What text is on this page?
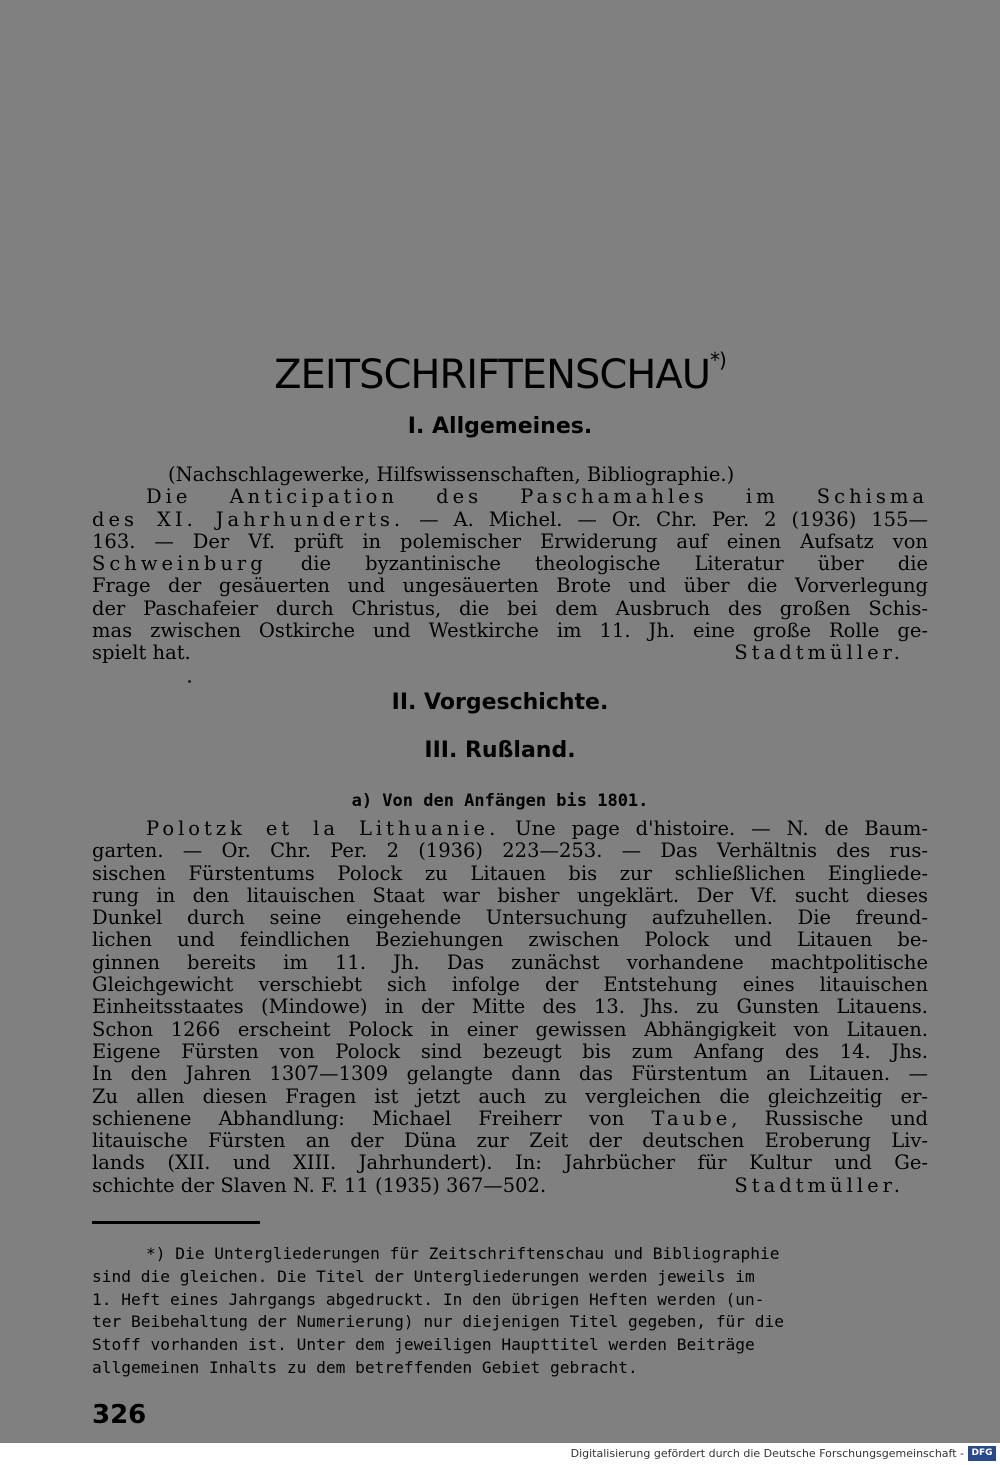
ZEITSCHRIFTENSCHAU*)
I. Allgemeines.
(Nachschlagewerke, Hilfswissenschaften, Bibliographie.)
Die Anticipation des Paschamahles im Schisma
des XI. Jahrhunderts. — A. Michel. — Or. Chr. Per. 2 (1936) 155—
163. — Der Vf. prüft in polemischer Erwiderung auf einen Aufsatz von
Schweinburg die byzantinische theologische Literatur über die
Frage der gesäuerten und ungesäuerten Brote und über die Vorverlegung
der Paschafeier durch Christus, die bei dem Ausbruch des großen Schis-
mas zwischen Ostkirche und Westkirche im 11. Jh. eine große Rolle ge-
spielt hat.	Stadtmüller.
II. Vorgeschichte.
III. Rußland.
a) Von den Anfängen bis 1801.
Polotzk et la Lithuanie. Une page d'histoire. — N. de Baum-
garten. — Or. Chr. Per. 2 (1936) 223—253. — Das Verhältnis des rus-
sischen Fürstentums Polock zu Litauen bis zur schließlichen Eingliede-
rung in den litauischen Staat war bisher ungeklärt. Der Vf. sucht dieses
Dunkel durch seine eingehende Untersuchung aufzuhellen. Die freund-
lichen und feindlichen Beziehungen zwischen Polock und Litauen be-
ginnen bereits im 11. Jh. Das zunächst vorhandene machtpolitische
Gleichgewicht verschiebt sich infolge der Entstehung eines litauischen
Einheitsstaates (Mindowe) in der Mitte des 13. Jhs. zu Gunsten Litauens.
Schon 1266 erscheint Polock in einer gewissen Abhängigkeit von Litauen.
Eigene Fürsten von Polock sind bezeugt bis zum Anfang des 14. Jhs.
In den Jahren 1307—1309 gelangte dann das Fürstentum an Litauen. —
Zu allen diesen Fragen ist jetzt auch zu vergleichen die gleichzeitig er-
schienene Abhandlung: Michael Freiherr von Taube, Russische und
litauische Fürsten an der Düna zur Zeit der deutschen Eroberung Liv-
lands (XII. und XIII. Jahrhundert). In: Jahrbücher für Kultur und Ge-
schichte der Slaven N. F. 11 (1935) 367—502.	Stadtmüller.
*) Die Untergliederungen für Zeitschriftenschau und Bibliographie
sind die gleichen. Die Titel der Untergliederungen werden jeweils im
1. Heft eines Jahrgangs abgedruckt. In den übrigen Heften werden (un-
ter Beibehaltung der Numerierung) nur diejenigen Titel gegeben, für die
Stoff vorhanden ist. Unter dem jeweiligen Haupttitel werden Beiträge
allgemeinen Inhalts zu dem betreffenden Gebiet gebracht.
326
Digitalisierung gefördert durch die Deutsche Forschungsgemeinschaft - DFG
